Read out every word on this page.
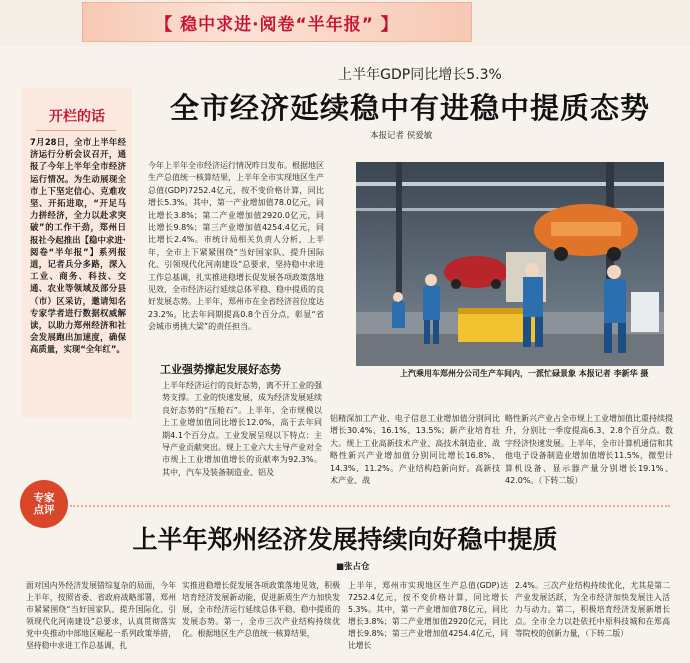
【 稳中求进·阅卷“半年报” 】
上半年GDP同比增长5.3%
全市经济延续稳中有进稳中提质态势
本报记者 侯爱敏
开栏的话
7月28日，全市上半年经济运行分析会议召开，通报了今年上半年全市经济运行情况。为生动展现全市上下坚定信心、克难攻坚、开拓进取，“开足马力拼经济，全力以赴求突破”的工作干劲，郑州日报社今起推出【稳中求进·阅卷“半年报”】系列报道，记者兵分多路，深入工业、商务、科技、交通、农业等领域及部分县（市）区采访，邀请知名专家学者进行数据权威解读，以助力郑州经济和社会发展跑出加速度，确保高质量，实现“全年红”。
今年上半年全市经济运行情况昨日发布。根据地区生产总值统一核算结果，上半年全市实现地区生产总值(GDP)7252.4亿元，按不变价格计算，同比增长5.3%。其中，第一产业增加值78.0亿元，同比增长3.8%；第二产业增加值2920.0亿元，同比增长9.8%；第三产业增加值4254.4亿元，同比增长2.4%。市统计局相关负责人分析，上半年，全市上下紧紧围绕“当好国家队、提升国际化、引领现代化河南建设”总要求，坚持稳中求进工作总基调，扎实推进稳增长促发展各项政策落地见效，全市经济运行延续总体平稳、稳中提质的良好发展态势。上半年，郑州市在全省经济首位度达23.2%，比去年同期提高0.8个百分点，彰显“省会城市勇挑大梁”的责任担当。
工业强势撑起发展好态势
上半年经济运行的良好态势，离不开工业的强势支撑。工业的快速发展，成为经济发展延续良好态势的“压舱石”。上半年，全市规模以上工业增加值同比增长12.0%，高于去年同期4.1个百分点。工业发展呈现以下特点：主导产业贡献突出。规上工业六大主导产业对全市规上工业增加值增长的贡献率为92.3%。其中，汽车及装备制造业、铝及
上汽乘用车郑州分公司生产车间内，一派忙碌景象 本报记者 李新华 摄
铝精深加工产业、电子信息工业增加值分别同比增长30.4%、16.1%、13.5%；新产业培育壮大。规上工业高新技术产业、高技术制造业、战略性新兴产业增加值分别同比增长16.8%、14.3%、11.2%。产业结构趋新向好。高新技术产业、战
略性新兴产业占全市规上工业增加值比重持续提升，分别比一季度提高6.3、2.8个百分点。数字经济快速发展。上半年，全市计算机通信和其他电子设备制造业增加值增长11.5%，微型计算机设备、显示器产量分别增长19.1%、42.0%。（下转二版）
专家
点评
上半年郑州经济发展持续向好稳中提质
■张占仓
面对国内外经济发展错综复杂的局面，今年上半年，按照省委、省政府战略部署，郑州市紧紧围绕“当好国家队、提升国际化、引领现代化河南建设”总要求，认真贯彻落实党中央推动中部地区崛起一系列政策举措，坚持稳中求进工作总基调，扎
实推进稳增长促发展各项政策落地见效，积极培育经济发展新动能，促进新质生产力加快发展，全市经济运行延续总体平稳、稳中提质的发展态势。第一，全市三次产业结构持续优化。根据地区生产总值统一核算结果，
上半年，郑州市实现地区生产总值(GDP)达7252.4亿元，按不变价格计算，同比增长5.3%。其中，第一产业增加值78亿元，同比增长3.8%；第二产业增加值2920亿元，同比增长9.8%；第三产业增加值4254.4亿元，同比增长
2.4%。三次产业结构持续优化，尤其是第二产业发展活跃，为全市经济加快发展注入活力与动力。第二，积极培育经济发展新增长点。全市全力以赴依托中原科技城和在郑高等院校的创新力量，（下转二版）
